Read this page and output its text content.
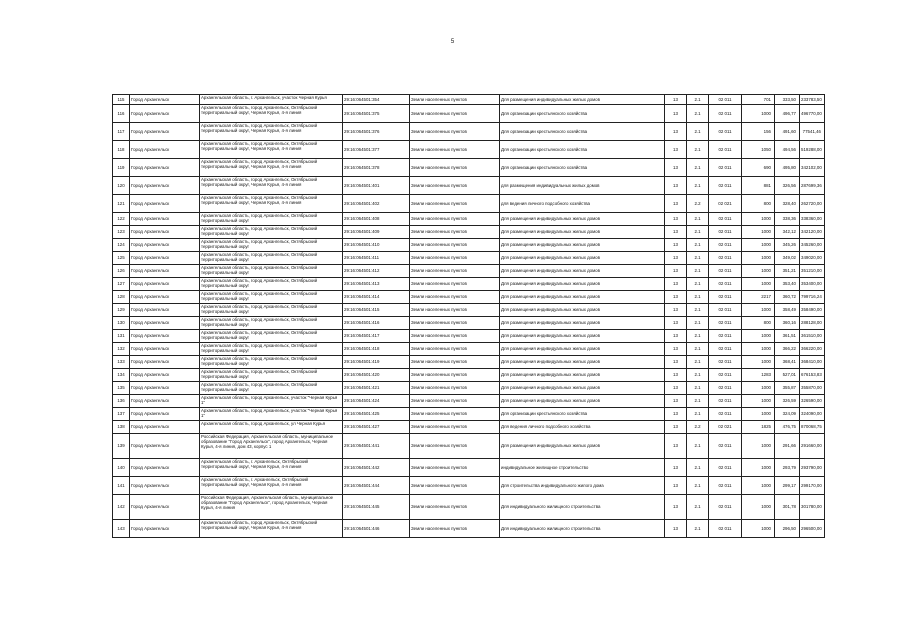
5
115	Город Архангельск	Архангельская область, г. Архангельск, участок Черная Курья	29:16:064501:354	Земли населенных пунктов	Для размещения индивидуальных жилых домов	13	2.1	02 011	701	333,50	233783,50
116	Город Архангельск	Архангельская область, город Архангельск, Октябрьский территориальный округ, Черная Курья, 4-я линия	29:16:064501:375	Земли населенных пунктов	Для организации крестьянского хозяйства	13	2.1	02 011	1000	496,77	496770,00
117	Город Архангельск	Архангельская область, город Архангельск, Октябрьский территориальный округ, Черная Курья, 4-я линия	29:16:064501:376	Земли населенных пунктов	Для организации крестьянского хозяйства	13	2.1	02 011	156	491,60	77541,46
118	Город Архангельск	Архангельская область, город Архангельск, Октябрьский территориальный округ, Черная Курья, 4-я линия	29:16:064501:377	Земли населенных пунктов	Для организации крестьянского хозяйства	13	2.1	02 011	1050	494,56	519288,00
119	Город Архангельск	Архангельская область, город Архангельск, Октябрьский территориальный округ, Черная Курья, 4-я линия	29:16:064501:378	Земли населенных пунктов	Для организации крестьянского хозяйства	13	2.1	02 011	690	495,80	342102,00
120	Город Архангельск	Архангельская область, город Архангельск, Октябрьский территориальный округ, Черная Курья, 4-я линия	29:16:064501:401	Земли населенных пунктов	для размещения индивидуальных жилых домов	13	2.1	02 011	881	326,56	287699,36
121	Город Архангельск	Архангельская область, город Архангельск, Октябрьский территориальный округ, Черная Курья, 4-я линия	29:16:064501:402	Земли населенных пунктов	для ведения личного подсобного хозяйства	13	2.2	02 021	800	328,40	262720,00
122	Город Архангельск	Архангельская область, город Архангельск, Октябрьский территориальный округ	29:16:064501:408	Земли населенных пунктов	Для размещения индивидуальных жилых домов	13	2.1	02 011	1000	338,36	338360,00
123	Город Архангельск	Архангельская область, город Архангельск, Октябрьский территориальный округ	29:16:064501:409	Земли населенных пунктов	Для размещения индивидуальных жилых домов	13	2.1	02 011	1000	342,12	342120,00
124	Город Архангельск	Архангельская область, город Архангельск, Октябрьский территориальный округ	29:16:064501:410	Земли населенных пунктов	Для размещения индивидуальных жилых домов	13	2.1	02 011	1000	345,26	345260,00
125	Город Архангельск	Архангельская область, город Архангельск, Октябрьский территориальный округ	29:16:064501:411	Земли населенных пунктов	Для размещения индивидуальных жилых домов	13	2.1	02 011	1000	349,02	349020,00
126	Город Архангельск	Архангельская область, город Архангельск, Октябрьский территориальный округ	29:16:064501:412	Земли населенных пунктов	Для размещения индивидуальных жилых домов	13	2.1	02 011	1000	351,21	351210,00
127	Город Архангельск	Архангельская область, город Архангельск, Октябрьский территориальный округ	29:16:064501:413	Земли населенных пунктов	Для размещения индивидуальных жилых домов	13	2.1	02 011	1000	353,40	353400,00
128	Город Архангельск	Архангельская область, город Архангельск, Октябрьский территориальный округ	29:16:064501:414	Земли населенных пунктов	Для размещения индивидуальных жилых домов	13	2.1	02 011	2217	360,72	799716,24
129	Город Архангельск	Архангельская область, город Архангельск, Октябрьский территориальный округ	29:16:064501:415	Земли населенных пунктов	Для размещения индивидуальных жилых домов	13	2.1	02 011	1000	358,49	358490,00
130	Город Архангельск	Архангельская область, город Архангельск, Октябрьский территориальный округ	29:16:064501:416	Земли населенных пунктов	Для размещения индивидуальных жилых домов	13	2.1	02 011	800	360,16	288128,00
131	Город Архангельск	Архангельская область, город Архангельск, Октябрьский территориальный округ	29:16:064501:417	Земли населенных пунктов	Для размещения индивидуальных жилых домов	13	2.1	02 011	1000	361,51	361510,00
132	Город Архангельск	Архангельская область, город Архангельск, Октябрьский территориальный округ	29:16:064501:418	Земли населенных пунктов	Для размещения индивидуальных жилых домов	13	2.1	02 011	1000	366,22	366220,00
133	Город Архангельск	Архангельская область, город Архангельск, Октябрьский территориальный округ	29:16:064501:419	Земли населенных пунктов	Для размещения индивидуальных жилых домов	13	2.1	02 011	1000	368,41	368410,00
134	Город Архангельск	Архангельская область, город Архангельск, Октябрьский территориальный округ	29:16:064501:420	Земли населенных пунктов	Для размещения индивидуальных жилых домов	13	2.1	02 011	1283	527,01	676153,83
135	Город Архангельск	Архангельская область, город Архангельск, Октябрьский территориальный округ	29:16:064501:421	Земли населенных пунктов	Для размещения индивидуальных жилых домов	13	2.1	02 011	1000	355,87	355870,00
136	Город Архангельск	Архангельская область, город Архангельск, участок "Черная Курья 1"	29:16:064501:424	Земли населенных пунктов	Для размещения индивидуальных жилых домов	13	2.1	02 011	1000	326,59	326590,00
137	Город Архангельск	Архангельская область, город Архангельск, участок "Черная Курья 1"	29:16:064501:425	Земли населенных пунктов	Для организации крестьянского хозяйства	13	2.1	02 011	1000	324,09	324090,00
138	Город Архангельск	Архангельская область, город Архангельск, ул Черная Курья	29:16:064501:427	Земли населенных пунктов	Для ведения личного подсобного хозяйства	13	2.2	02 021	1825	476,75	870068,75
139	Город Архангельск	Российская Федерация, Архангельская область, муниципальное образование "Город Архангельск", город Архангельск, Черная Курья, 4-я линия, дом 43, корпус 1	29:16:064501:441	Земли населенных пунктов	Для размещения индивидуальных жилых домов	13	2.1	02 011	1000	291,66	291660,00
140	Город Архангельск	Архангельская область, г. Архангельск, Октябрьский территориальный округ, Черная Курья, 4-я линия	29:16:064501:442	Земли населенных пунктов	индивидуальное жилищное строительство	13	2.1	02 011	1000	293,79	293790,00
141	Город Архангельск	Архангельская область, г. Архангельск, Октябрьский территориальный округ, Черная Курья, 4-я линия	29:16:064501:444	Земли населенных пунктов	Для строительства индивидуального жилого дома	13	2.1	02 011	1000	299,17	299170,00
142	Город Архангельск	Российская Федерация, Архангельская область, муниципальное образование "Город Архангельск", город Архангельск, Черная Курья, 4-я линия	29:16:064501:445	Земли населенных пунктов	Для индивидуального жилищного строительства	13	2.1	02 011	1000	301,78	301780,00
143	Город Архангельск	Архангельская область, город Архангельск, Октябрьский территориальный округ, Черная Курья, 4-я линия	29:16:064501:446	Земли населенных пунктов	Для индивидуального жилищного строительства	13	2.1	02 011	1000	296,50	296500,00
